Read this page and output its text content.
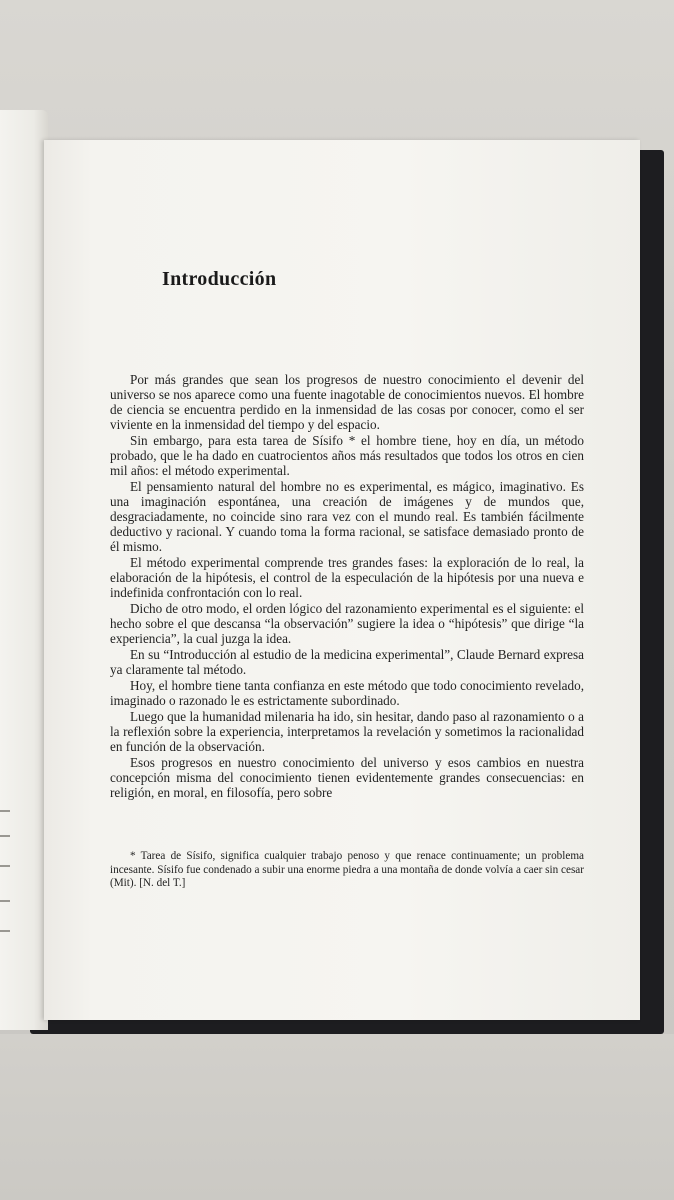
Introducción

Por más grandes que sean los progresos de nuestro conocimiento el devenir del universo se nos aparece como una fuente inagotable de conocimientos nuevos. El hombre de ciencia se encuentra perdido en la inmensidad de las cosas por conocer, como el ser viviente en la inmensidad del tiempo y del espacio.

Sin embargo, para esta tarea de Sísifo * el hombre tiene, hoy en día, un método probado, que le ha dado en cuatrocientos años más resultados que todos los otros en cien mil años: el método experimental.

El pensamiento natural del hombre no es experimental, es mágico, imaginativo. Es una imaginación espontánea, una creación de imágenes y de mundos que, desgraciadamente, no coincide sino rara vez con el mundo real. Es también fácilmente deductivo y racional. Y cuando toma la forma racional, se satisface demasiado pronto de él mismo.

El método experimental comprende tres grandes fases: la exploración de lo real, la elaboración de la hipótesis, el control de la especulación de la hipótesis por una nueva e indefinida confrontación con lo real.

Dicho de otro modo, el orden lógico del razonamiento experimental es el siguiente: el hecho sobre el que descansa “la observación” sugiere la idea o “hipótesis” que dirige “la experiencia”, la cual juzga la idea.

En su “Introducción al estudio de la medicina experimental”, Claude Bernard expresa ya claramente tal método.

Hoy, el hombre tiene tanta confianza en este método que todo conocimiento revelado, imaginado o razonado le es estrictamente subordinado.

Luego que la humanidad milenaria ha ido, sin hesitar, dando paso al razonamiento o a la reflexión sobre la experiencia, interpretamos la revelación y sometimos la racionalidad en función de la observación.

Esos progresos en nuestro conocimiento del universo y esos cambios en nuestra concepción misma del conocimiento tienen evidentemente grandes consecuencias: en religión, en moral, en filosofía, pero sobre

* Tarea de Sísifo, significa cualquier trabajo penoso y que renace continuamente; un problema incesante. Sísifo fue condenado a subir una enorme piedra a una montaña de donde volvía a caer sin cesar (Mit). [N. del T.]
